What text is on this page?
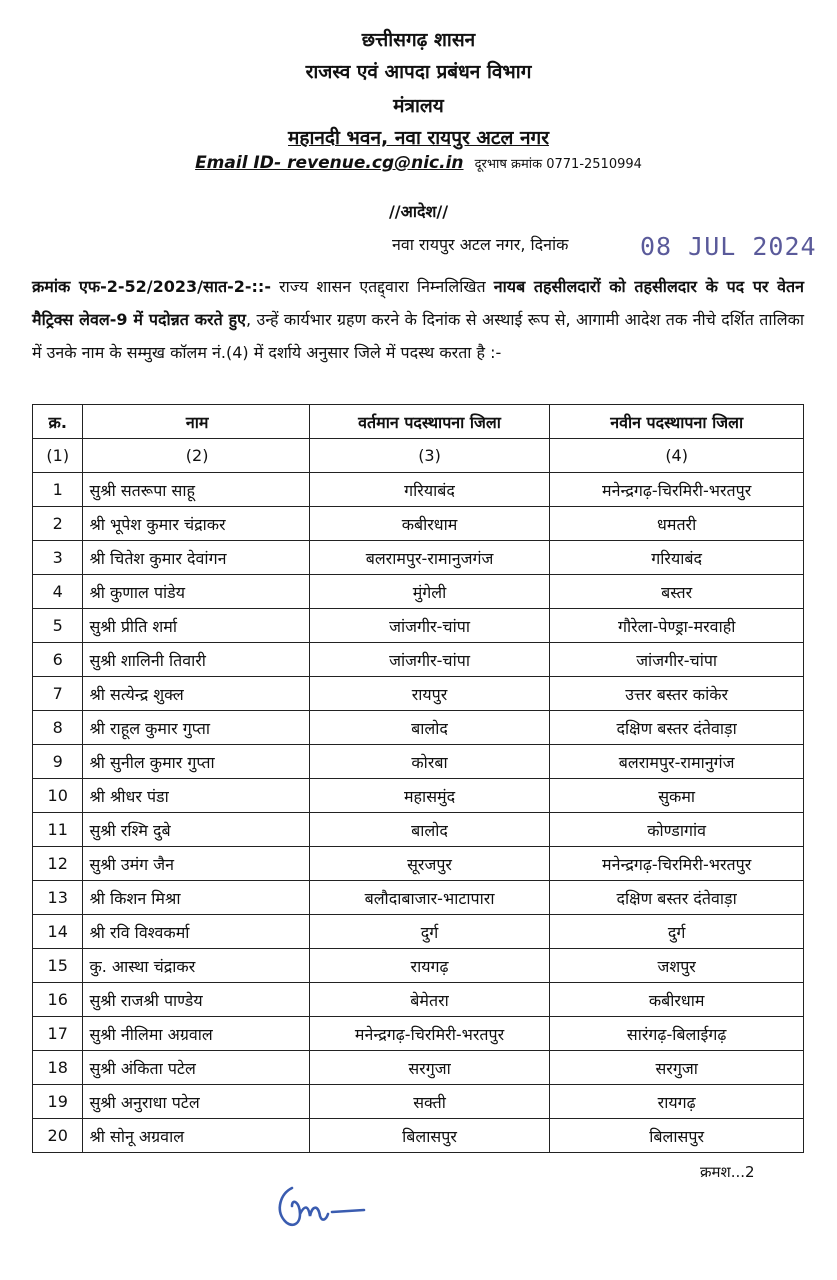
छत्तीसगढ़ शासन
राजस्व एवं आपदा प्रबंधन विभाग
मंत्रालय
महानदी भवन, नवा रायपुर अटल नगर
Email ID- revenue.cg@nic.in दूरभाष क्रमांक 0771-2510994
//आदेश//
नवा रायपुर अटल नगर, दिनांक	08 JUL 2024
क्रमांक एफ-2-52/2023/सात-2-::- राज्य शासन एतद्द्वारा निम्नलिखित नायब तहसीलदारों को तहसीलदार के पद पर वेतन मैट्रिक्स लेवल-9 में पदोन्नत करते हुए, उन्हें कार्यभार ग्रहण करने के दिनांक से अस्थाई रूप से, आगामी आदेश तक नीचे दर्शित तालिका में उनके नाम के सम्मुख कॉलम नं.(4) में दर्शाये अनुसार जिले में पदस्थ करता है :-
क्र.	नाम	वर्तमान पदस्थापना जिला	नवीन पदस्थापना जिला
(1)	(2)	(3)	(4)
1	सुश्री सतरूपा साहू	गरियाबंद	मनेन्द्रगढ़-चिरमिरी-भरतपुर
2	श्री भूपेश कुमार चंद्राकर	कबीरधाम	धमतरी
3	श्री चितेश कुमार देवांगन	बलरामपुर-रामानुजगंज	गरियाबंद
4	श्री कुणाल पांडेय	मुंगेली	बस्तर
5	सुश्री प्रीति शर्मा	जांजगीर-चांपा	गौरेला-पेण्ड्रा-मरवाही
6	सुश्री शालिनी तिवारी	जांजगीर-चांपा	जांजगीर-चांपा
7	श्री सत्येन्द्र शुक्ल	रायपुर	उत्तर बस्तर कांकेर
8	श्री राहूल कुमार गुप्ता	बालोद	दक्षिण बस्तर दंतेवाड़ा
9	श्री सुनील कुमार गुप्ता	कोरबा	बलरामपुर-रामानुगंज
10	श्री श्रीधर पंडा	महासमुंद	सुकमा
11	सुश्री रश्मि दुबे	बालोद	कोण्डागांव
12	सुश्री उमंग जैन	सूरजपुर	मनेन्द्रगढ़-चिरमिरी-भरतपुर
13	श्री किशन मिश्रा	बलौदाबाजार-भाटापारा	दक्षिण बस्तर दंतेवाड़ा
14	श्री रवि विश्वकर्मा	दुर्ग	दुर्ग
15	कु. आस्था चंद्राकर	रायगढ़	जशपुर
16	सुश्री राजश्री पाण्डेय	बेमेतरा	कबीरधाम
17	सुश्री नीलिमा अग्रवाल	मनेन्द्रगढ़-चिरमिरी-भरतपुर	सारंगढ़-बिलाईगढ़
18	सुश्री अंकिता पटेल	सरगुजा	सरगुजा
19	सुश्री अनुराधा पटेल	सक्ती	रायगढ़
20	श्री सोनू अग्रवाल	बिलासपुर	बिलासपुर
क्रमश...2
